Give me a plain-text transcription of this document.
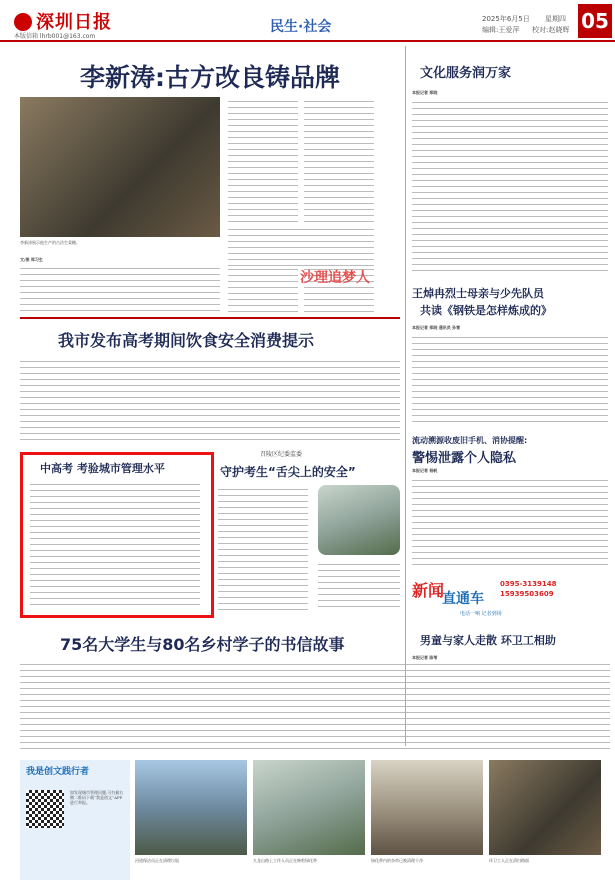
深圳日报
本版信箱 lhrb001@163.com
民生·社会	2025年6月5日 星期四
编辑:王爱萍 校对:赵晓辉 05
李新涛:古方改良铸品牌
李新涛展示他生产的古法生姜糖。
文/图 郑习生
沙理追梦人
我市发布高考期间饮食安全消费提示
中高考 考验城市管理水平
召陵区纪委监委
守护考生“舌尖上的安全”
75名大学生与80名乡村学子的书信故事
我是创文践行者
如发现城市管理问题,可扫描右侧二维码下载“我是创文”APP进行举报。
河道保洁员正在清理垃圾	九龙山路上工作人员正在修剪绿化带	绿化带内的杂草已被清理干净	环卫工人正在清扫路面
文化服务润万家
本报记者 郑晓
王焯冉烈士母亲与少先队员
共读《钢铁是怎样炼成的》
本报记者 郑晓 通讯员 孙雪
流动溯源收废旧手机、消协提醒:
警惕泄露个人隐私
本报记者 杨帆
新闻
直通车
0395-3139148
15939503609
电话一响 记者到场
男童与家人走散 环卫工相助
本报记者 陈苇
